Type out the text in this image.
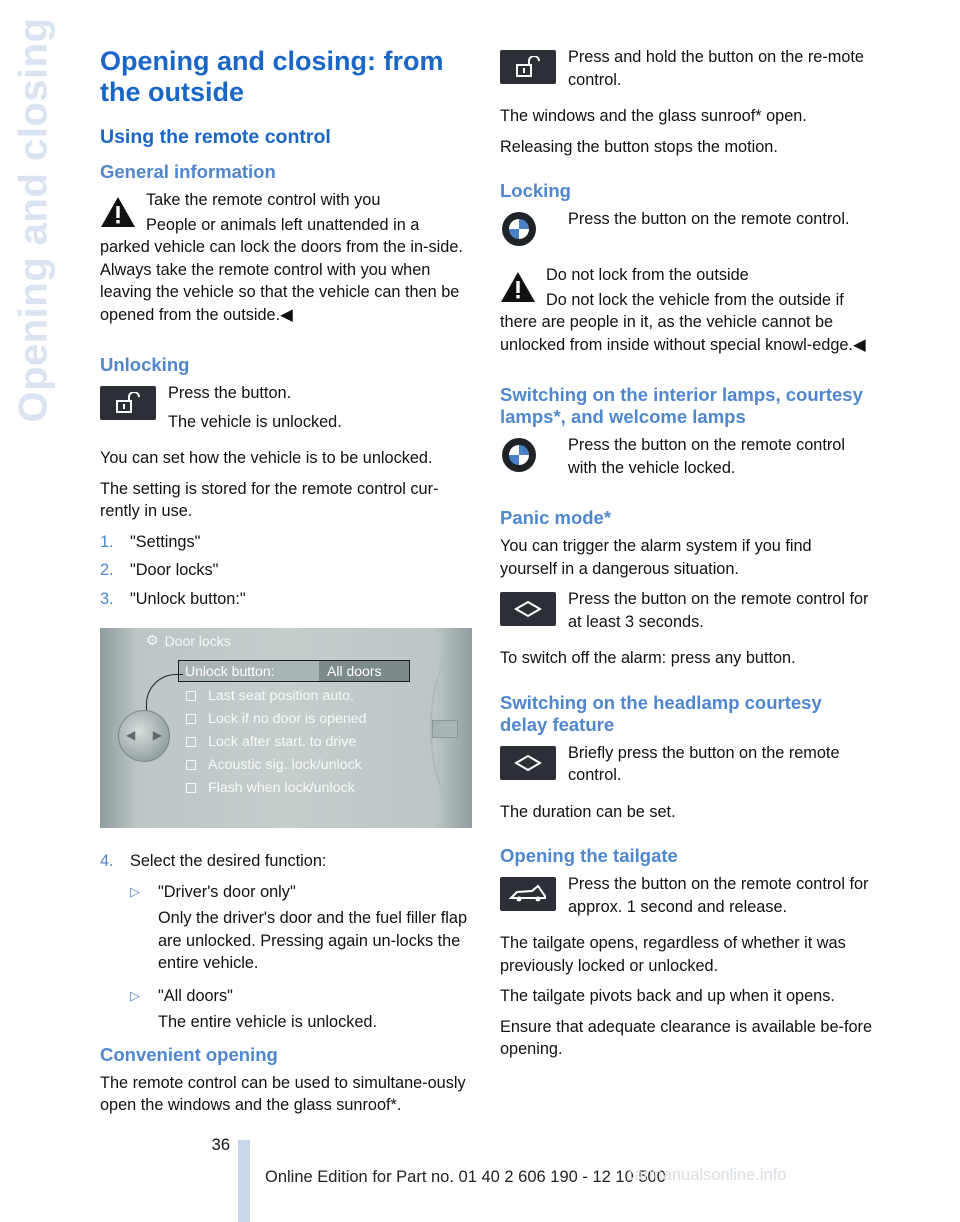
Opening and closing Opening and closing: from the outside
Using the remote control
General information

Take the remote control with you

People or animals left unattended in a parked vehicle can lock the doors from the in-side. Always take the remote control with you when leaving the vehicle so that the vehicle can then be opened from the outside.◀

Unlocking

Press the button.

The vehicle is unlocked.

You can set how the vehicle is to be unlocked.

The setting is stored for the remote control cur-rently in use.

1. "Settings"
2. "Door locks"
3. "Unlock button:"
⚙ Door locks
Unlock button:	All doors
◀ ▶
Last seat position auto.
Lock if no door is opened
Lock after start. to drive
Acoustic sig. lock/unlock
Flash when lock/unlock
4. Select the desired function:
▷ "Driver's door only"

Only the driver's door and the fuel filler flap are unlocked. Pressing again un-locks the entire vehicle.

▷ "All doors"

The entire vehicle is unlocked.

Convenient opening

The remote control can be used to simultane-ously open the windows and the glass sunroof*.

Press and hold the button on the re-mote control.

The windows and the glass sunroof* open.

Releasing the button stops the motion.

Locking

Press the button on the remote control.

Do not lock from the outside

Do not lock the vehicle from the outside if there are people in it, as the vehicle cannot be unlocked from inside without special knowl-edge.◀

Switching on the interior lamps, courtesy lamps*, and welcome lamps

Press the button on the remote control with the vehicle locked.

Panic mode*

You can trigger the alarm system if you find yourself in a dangerous situation.

Press the button on the remote control for at least 3 seconds.

To switch off the alarm: press any button.

Switching on the headlamp courtesy delay feature

Briefly press the button on the remote control.

The duration can be set.

Opening the tailgate

Press the button on the remote control for approx. 1 second and release.

The tailgate opens, regardless of whether it was previously locked or unlocked.

The tailgate pivots back and up when it opens.

Ensure that adequate clearance is available be-fore opening.

36
Online Edition for Part no. 01 40 2 606 190 - 12 10 500
carmanualsonline.info
